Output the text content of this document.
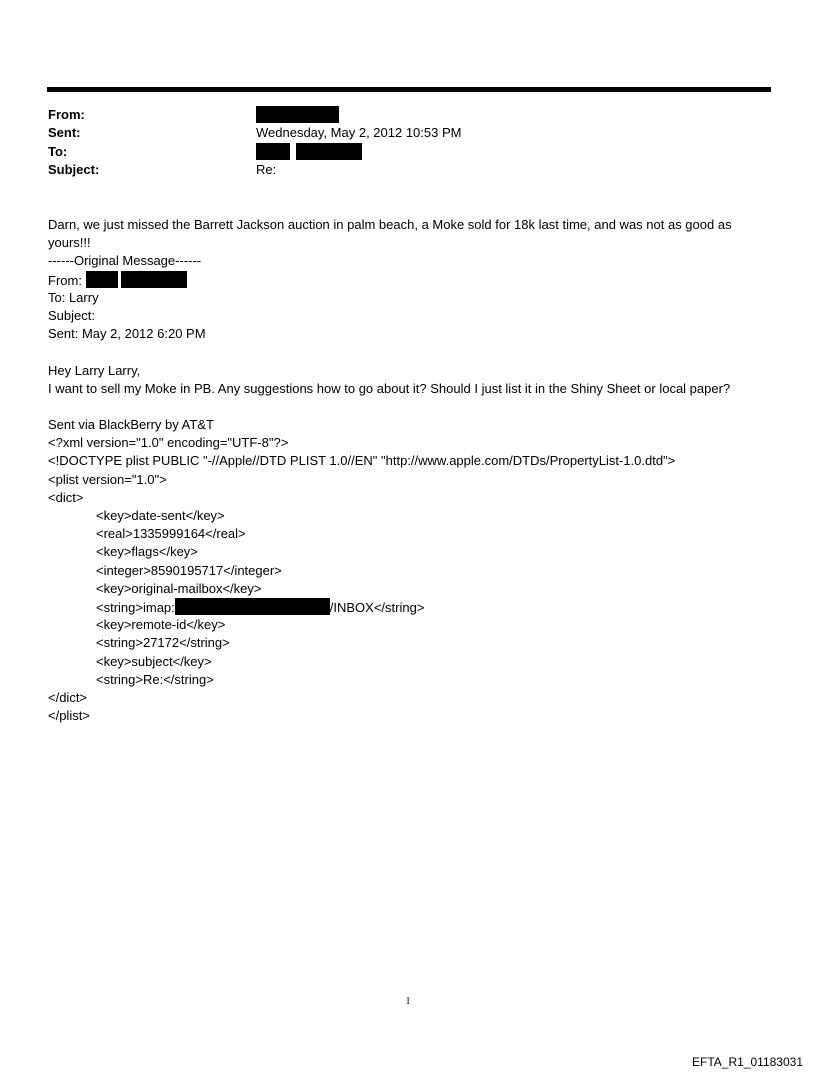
From:
Sent:	Wednesday, May 2, 2012 10:53 PM
To:

Subject:	Re:
Darn, we just missed the Barrett Jackson auction in palm beach, a Moke sold for 18k last time, and was not as good as yours!!!
------Original Message------
From:
To: Larry
Subject:
Sent: May 2, 2012 6:20 PM
Hey Larry Larry,
I want to sell my Moke in PB. Any suggestions how to go about it? Should I just list it in the Shiny Sheet or local paper?
Sent via BlackBerry by AT&T
<?xml version="1.0" encoding="UTF-8"?>
<!DOCTYPE plist PUBLIC "-//Apple//DTD PLIST 1.0//EN" "http://www.apple.com/DTDs/PropertyList-1.0.dtd">
<plist version="1.0">
<dict>
<key>date-sent</key>
<real>1335999164</real>
<key>flags</key>
<integer>8590195717</integer>
<key>original-mailbox</key>
<string>imap:	/INBOX</string>
<key>remote-id</key>
<string>27172</string>
<key>subject</key>
<string>Re:</string>
</dict>
</plist>
1
EFTA_R1_01183031
